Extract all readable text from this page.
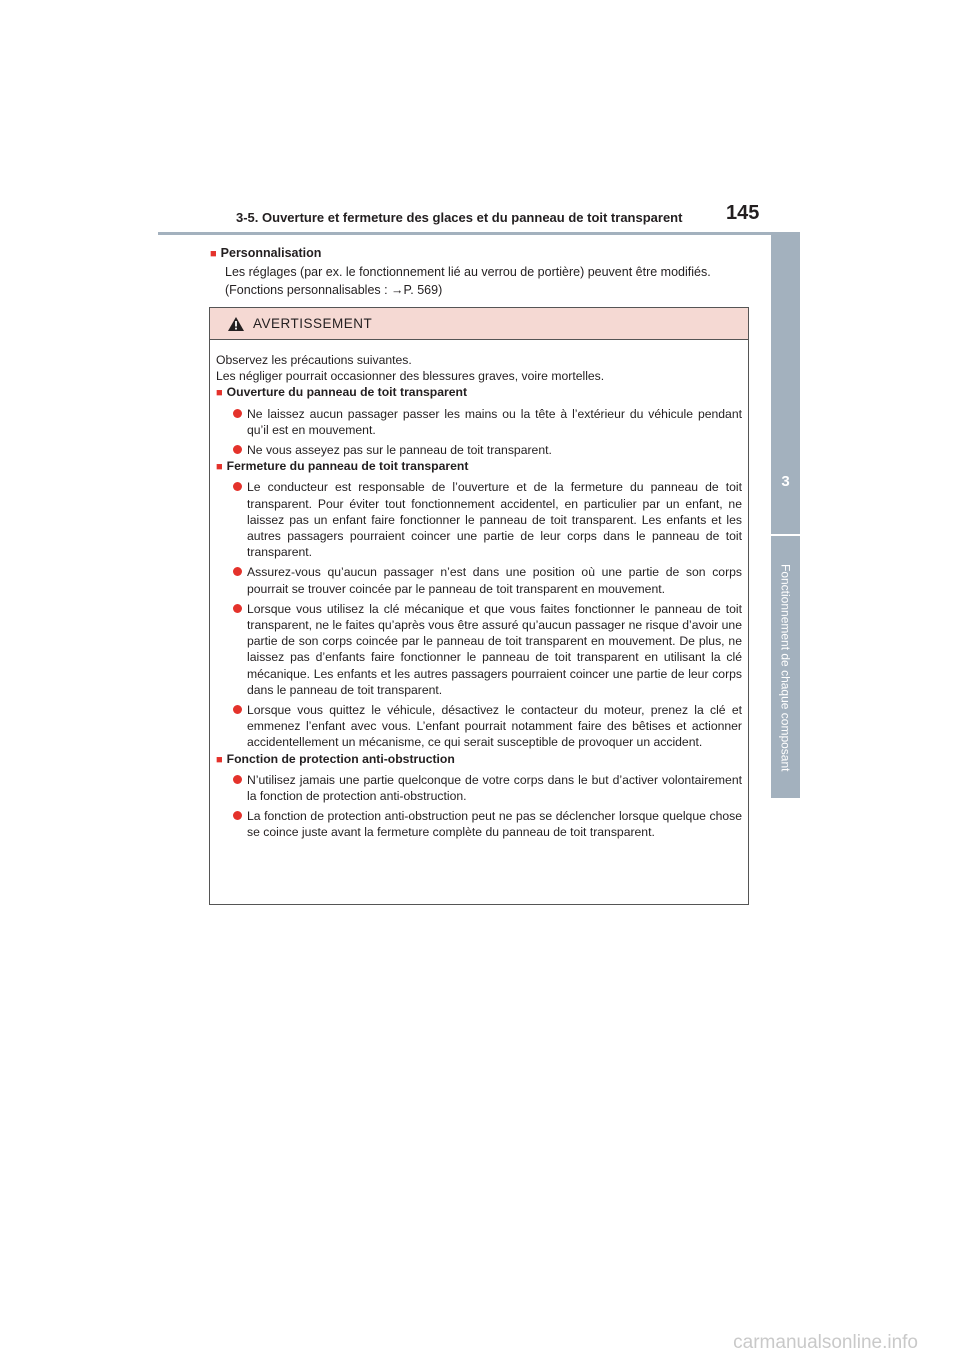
3-5. Ouverture et fermeture des glaces et du panneau de toit transparent 145
3
Fonctionnement de chaque composant
■ Personnalisation
Les réglages (par ex. le fonctionnement lié au verrou de portière) peuvent être modifiés.
(Fonctions personnalisables : →P. 569)
AVERTISSEMENT

Observez les précautions suivantes.

Les négliger pourrait occasionner des blessures graves, voire mortelles.

■ Ouverture du panneau de toit transparent

Ne laissez aucun passager passer les mains ou la tête à l’extérieur du véhicule pendant qu’il est en mouvement.
Ne vous asseyez pas sur le panneau de toit transparent.

■ Fermeture du panneau de toit transparent

Le conducteur est responsable de l’ouverture et de la fermeture du panneau de toit transparent. Pour éviter tout fonctionnement accidentel, en particulier par un enfant, ne laissez pas un enfant faire fonctionner le panneau de toit transparent. Les enfants et les autres passagers pourraient coincer une partie de leur corps dans le panneau de toit transparent.
Assurez-vous qu’aucun passager n’est dans une position où une partie de son corps pourrait se trouver coincée par le panneau de toit transparent en mouvement.
Lorsque vous utilisez la clé mécanique et que vous faites fonctionner le panneau de toit transparent, ne le faites qu’après vous être assuré qu’aucun passager ne risque d’avoir une partie de son corps coincée par le panneau de toit transparent en mouvement. De plus, ne laissez pas d’enfants faire fonctionner le panneau de toit transparent en utilisant la clé mécanique. Les enfants et les autres passagers pourraient coincer une partie de leur corps dans le panneau de toit transparent.
Lorsque vous quittez le véhicule, désactivez le contacteur du moteur, prenez la clé et emmenez l’enfant avec vous. L’enfant pourrait notamment faire des bêtises et actionner accidentellement un mécanisme, ce qui serait susceptible de provoquer un accident.

■ Fonction de protection anti-obstruction

N’utilisez jamais une partie quelconque de votre corps dans le but d’activer volontairement la fonction de protection anti-obstruction.
La fonction de protection anti-obstruction peut ne pas se déclencher lorsque quelque chose se coince juste avant la fermeture complète du panneau de toit transparent.
carmanualsonline.info
